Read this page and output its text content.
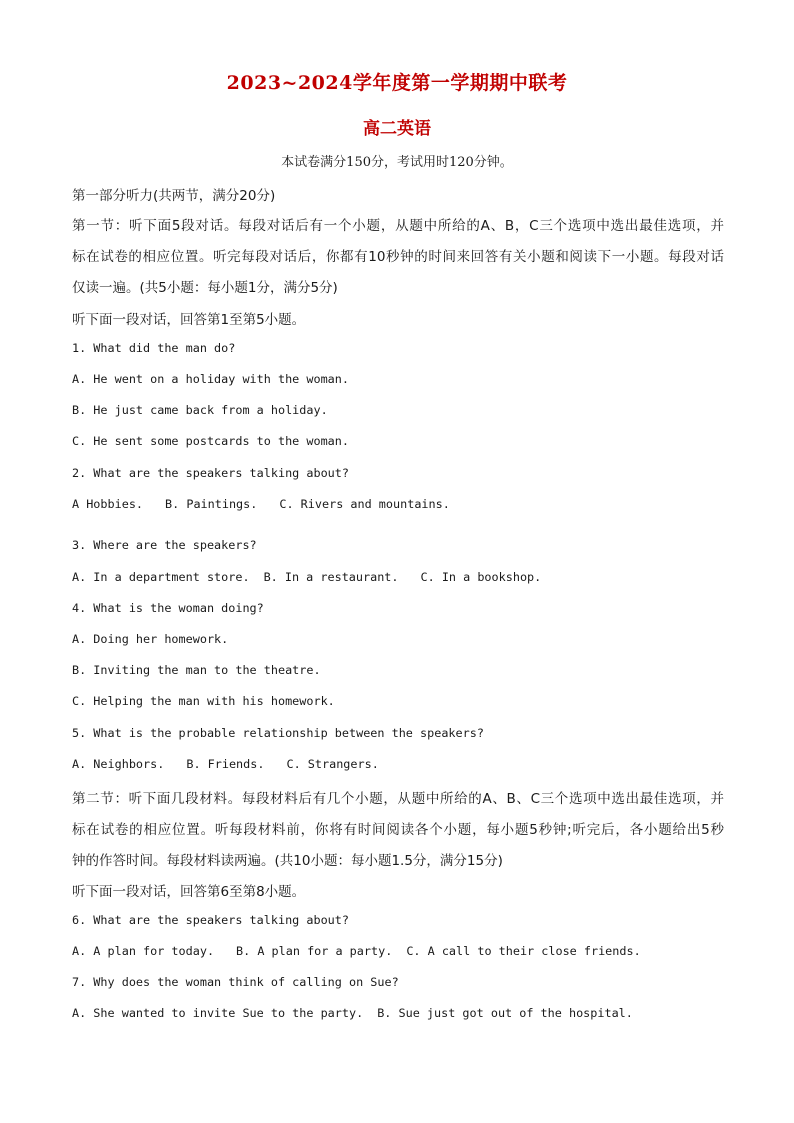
2023~2024学年度第一学期期中联考
高二英语
本试卷满分150分，考试用时120分钟。
第一部分听力(共两节，满分20分)
第一节：听下面5段对话。每段对话后有一个小题，从题中所给的A、B，C三个选项中选出最佳选项，并
标在试卷的相应位置。听完每段对话后，你都有10秒钟的时间来回答有关小题和阅读下一小题。每段对话
仅读一遍。(共5小题：每小题1分，满分5分)
听下面一段对话，回答第1至第5小题。
1. What did the man do?
A. He went on a holiday with the woman.
B. He just came back from a holiday.
C. He sent some postcards to the woman.
2. What are the speakers talking about?
A Hobbies. B. Paintings. C. Rivers and mountains.
3. Where are the speakers?
A. In a department store. B. In a restaurant. C. In a bookshop.
4. What is the woman doing?
A. Doing her homework.
B. Inviting the man to the theatre.
C. Helping the man with his homework.
5. What is the probable relationship between the speakers?
A. Neighbors. B. Friends. C. Strangers.
第二节：听下面几段材料。每段材料后有几个小题，从题中所给的A、B、C三个选项中选出最佳选项，并
标在试卷的相应位置。听每段材料前，你将有时间阅读各个小题，每小题5秒钟;听完后，各小题给出5秒
钟的作答时间。每段材料读两遍。(共10小题：每小题1.5分，满分15分)
听下面一段对话，回答第6至第8小题。
6. What are the speakers talking about?
A. A plan for today. B. A plan for a party. C. A call to their close friends.
7. Why does the woman think of calling on Sue?
A. She wanted to invite Sue to the party. B. Sue just got out of the hospital.
